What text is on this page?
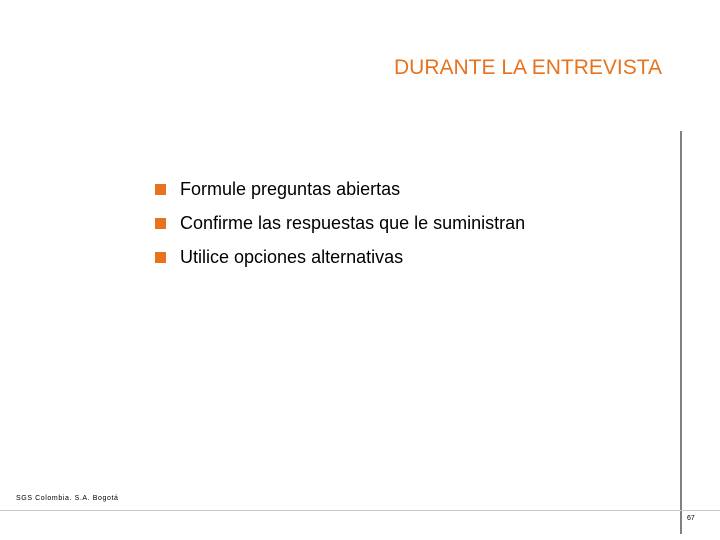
DURANTE LA ENTREVISTA
Formule preguntas abiertas
Confirme las respuestas que le suministran
Utilice opciones alternativas
SGS Colombia. S.A. Bogotá
67
